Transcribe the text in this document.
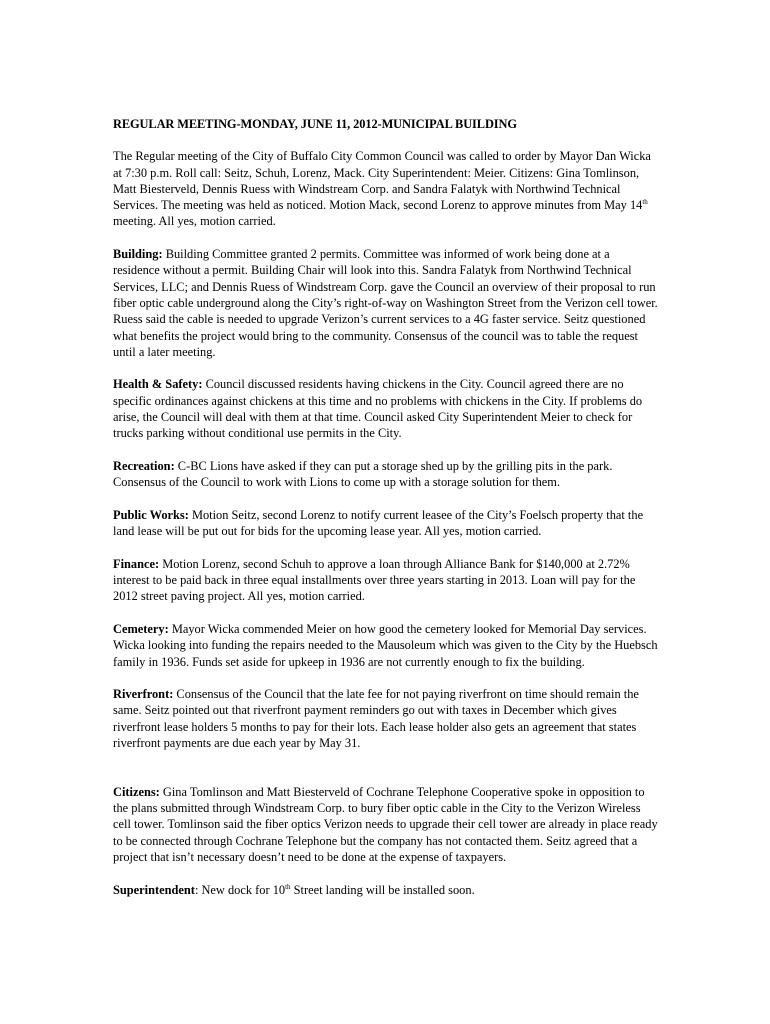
REGULAR MEETING-MONDAY, JUNE 11, 2012-MUNICIPAL BUILDING

The Regular meeting of the City of Buffalo City Common Council was called to order by Mayor Dan Wicka at 7:30 p.m. Roll call: Seitz, Schuh, Lorenz, Mack. City Superintendent: Meier. Citizens: Gina Tomlinson, Matt Biesterveld, Dennis Ruess with Windstream Corp. and Sandra Falatyk with Northwind Technical Services. The meeting was held as noticed. Motion Mack, second Lorenz to approve minutes from May 14th meeting. All yes, motion carried.

Building: Building Committee granted 2 permits. Committee was informed of work being done at a residence without a permit. Building Chair will look into this. Sandra Falatyk from Northwind Technical Services, LLC; and Dennis Ruess of Windstream Corp. gave the Council an overview of their proposal to run fiber optic cable underground along the City’s right-of-way on Washington Street from the Verizon cell tower. Ruess said the cable is needed to upgrade Verizon’s current services to a 4G faster service. Seitz questioned what benefits the project would bring to the community. Consensus of the council was to table the request until a later meeting.

Health & Safety: Council discussed residents having chickens in the City. Council agreed there are no specific ordinances against chickens at this time and no problems with chickens in the City. If problems do arise, the Council will deal with them at that time. Council asked City Superintendent Meier to check for trucks parking without conditional use permits in the City.

Recreation: C-BC Lions have asked if they can put a storage shed up by the grilling pits in the park. Consensus of the Council to work with Lions to come up with a storage solution for them.

Public Works: Motion Seitz, second Lorenz to notify current leasee of the City’s Foelsch property that the land lease will be put out for bids for the upcoming lease year. All yes, motion carried.

Finance: Motion Lorenz, second Schuh to approve a loan through Alliance Bank for $140,000 at 2.72% interest to be paid back in three equal installments over three years starting in 2013. Loan will pay for the 2012 street paving project. All yes, motion carried.

Cemetery: Mayor Wicka commended Meier on how good the cemetery looked for Memorial Day services. Wicka looking into funding the repairs needed to the Mausoleum which was given to the City by the Huebsch family in 1936. Funds set aside for upkeep in 1936 are not currently enough to fix the building.

Riverfront: Consensus of the Council that the late fee for not paying riverfront on time should remain the same. Seitz pointed out that riverfront payment reminders go out with taxes in December which gives riverfront lease holders 5 months to pay for their lots. Each lease holder also gets an agreement that states riverfront payments are due each year by May 31.

Citizens: Gina Tomlinson and Matt Biesterveld of Cochrane Telephone Cooperative spoke in opposition to the plans submitted through Windstream Corp. to bury fiber optic cable in the City to the Verizon Wireless cell tower. Tomlinson said the fiber optics Verizon needs to upgrade their cell tower are already in place ready to be connected through Cochrane Telephone but the company has not contacted them. Seitz agreed that a project that isn’t necessary doesn’t need to be done at the expense of taxpayers.

Superintendent: New dock for 10th Street landing will be installed soon.
